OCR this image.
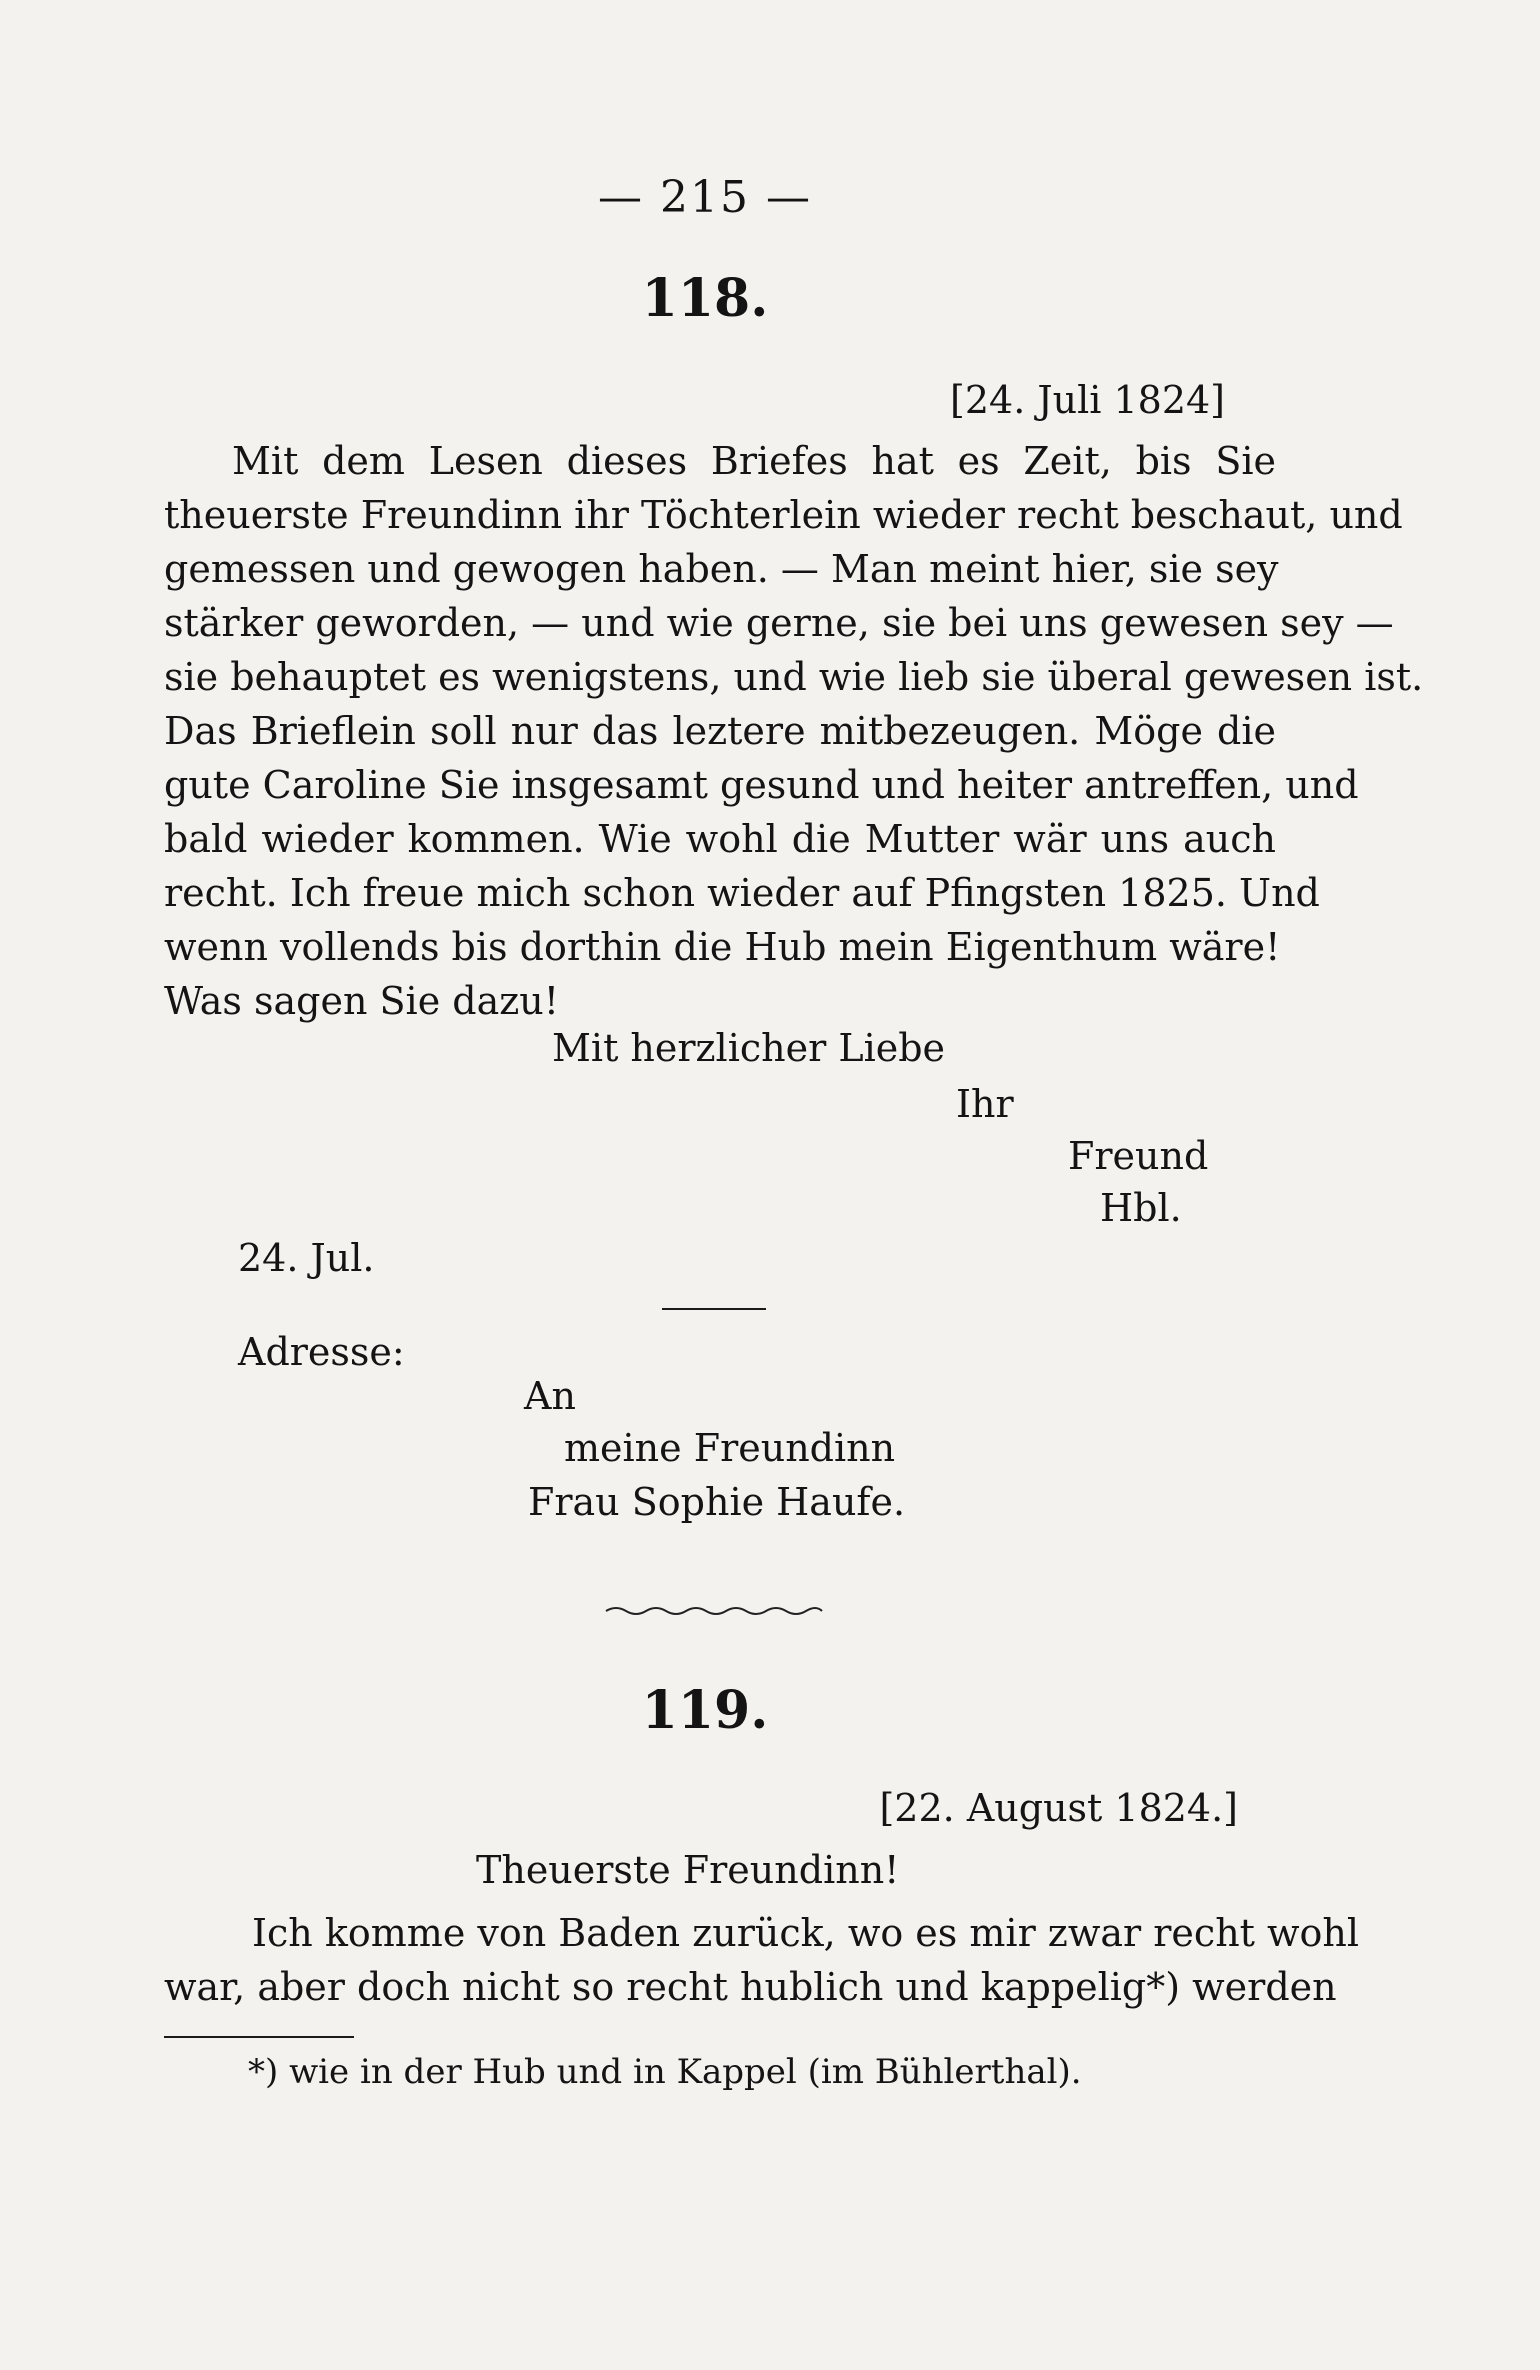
— 215 —
118.
[24. Juli 1824]
Mit dem Lesen dieses Briefes hat es Zeit, bis Sie
theuerste Freundinn ihr Töchterlein wieder recht beschaut, und
gemessen und gewogen haben. — Man meint hier, sie sey
stärker geworden, — und wie gerne, sie bei uns gewesen sey —
sie behauptet es wenigstens, und wie lieb sie überal gewesen ist.
Das Brieflein soll nur das leztere mitbezeugen. Möge die
gute Caroline Sie insgesamt gesund und heiter antreffen, und
bald wieder kommen. Wie wohl die Mutter wär uns auch
recht. Ich freue mich schon wieder auf Pfingsten 1825. Und
wenn vollends bis dorthin die Hub mein Eigenthum wäre!
Was sagen Sie dazu!
Mit herzlicher Liebe
Ihr
Freund
Hbl.
24. Jul.
Adresse:
An
meine Freundinn
Frau Sophie Haufe.
119.
[22. August 1824.]
Theuerste Freundinn!
Ich komme von Baden zurück, wo es mir zwar recht wohl
war, aber doch nicht so recht hublich und kappelig*) werden
*) wie in der Hub und in Kappel (im Bühlerthal).
